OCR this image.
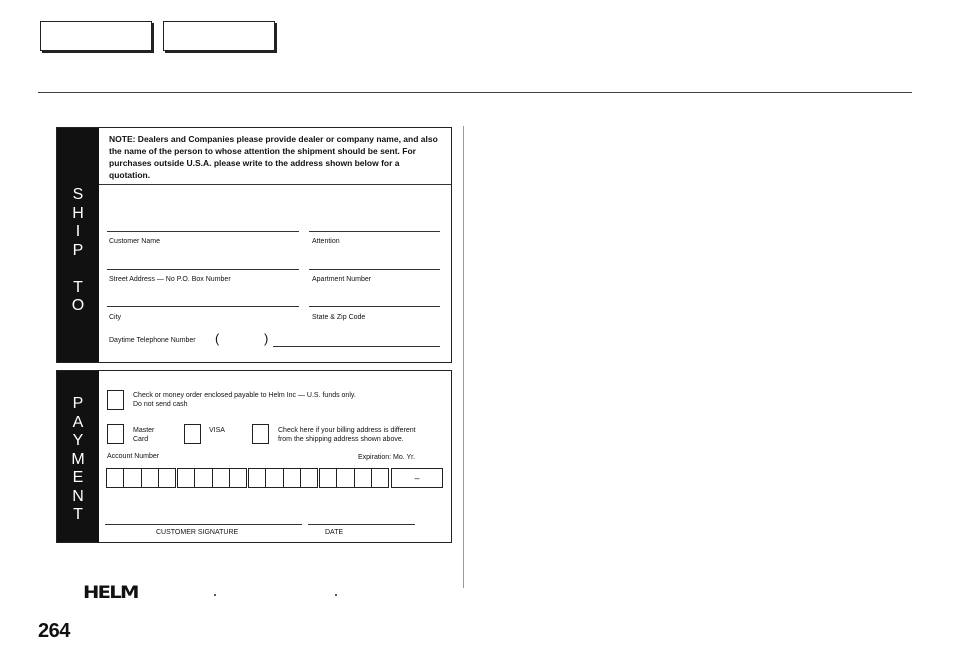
S
H
I
P

T
O
NOTE: Dealers and Companies please provide dealer or company name, and also the name of the person to whose attention the shipment should be sent. For purchases outside U.S.A. please write to the address shown below for a quotation.
Customer Name	Attention
Street Address — No P.O. Box Number	Apartment Number
City	State & Zip Code
Daytime Telephone Number (	)
P
A
Y
M
E
N
T
Check or money order enclosed payable to Helm Inc — U.S. funds only.
Do not send cash
Master
Card
VISA	Check here if your billing address is different
from the shipping address shown above.
Account Number	Expiration: Mo. Yr.
CUSTOMER SIGNATURE	DATE
–
HELM
264
